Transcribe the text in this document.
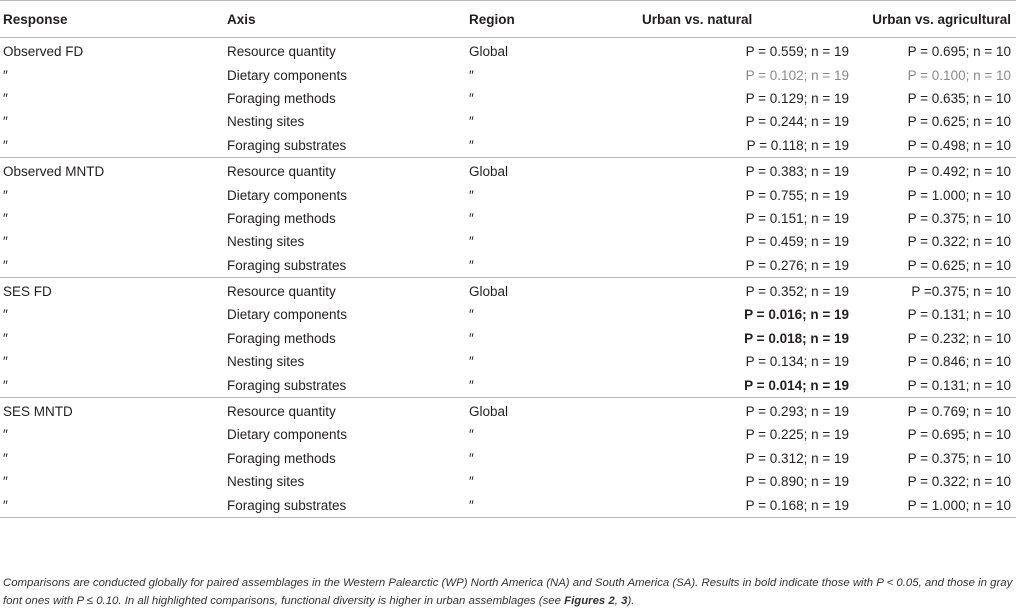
Response	Axis	Region	Urban vs. natural	Urban vs. agricultural
Observed FD	Resource quantity	Global	P = 0.559; n = 19	P = 0.695; n = 10
″	Dietary components	″	P = 0.102; n = 19	P = 0.100; n = 10
″	Foraging methods	″	P = 0.129; n = 19	P = 0.635; n = 10
″	Nesting sites	″	P = 0.244; n = 19	P = 0.625; n = 10
″	Foraging substrates	″	P = 0.118; n = 19	P = 0.498; n = 10
Observed MNTD	Resource quantity	Global	P = 0.383; n = 19	P = 0.492; n = 10
″	Dietary components	″	P = 0.755; n = 19	P = 1.000; n = 10
″	Foraging methods	″	P = 0.151; n = 19	P = 0.375; n = 10
″	Nesting sites	″	P = 0.459; n = 19	P = 0.322; n = 10
″	Foraging substrates	″	P = 0.276; n = 19	P = 0.625; n = 10
SES FD	Resource quantity	Global	P = 0.352; n = 19	P =0.375; n = 10
″	Dietary components	″	P = 0.016; n = 19	P = 0.131; n = 10
″	Foraging methods	″	P = 0.018; n = 19	P = 0.232; n = 10
″	Nesting sites	″	P = 0.134; n = 19	P = 0.846; n = 10
″	Foraging substrates	″	P = 0.014; n = 19	P = 0.131; n = 10
SES MNTD	Resource quantity	Global	P = 0.293; n = 19	P = 0.769; n = 10
″	Dietary components	″	P = 0.225; n = 19	P = 0.695; n = 10
″	Foraging methods	″	P = 0.312; n = 19	P = 0.375; n = 10
″	Nesting sites	″	P = 0.890; n = 19	P = 0.322; n = 10
″	Foraging substrates	″	P = 0.168; n = 19	P = 1.000; n = 10
Comparisons are conducted globally for paired assemblages in the Western Palearctic (WP) North America (NA) and South America (SA). Results in bold indicate those with P < 0.05, and those in gray font ones with P ≤ 0.10. In all highlighted comparisons, functional diversity is higher in urban assemblages (see Figures 2, 3).
